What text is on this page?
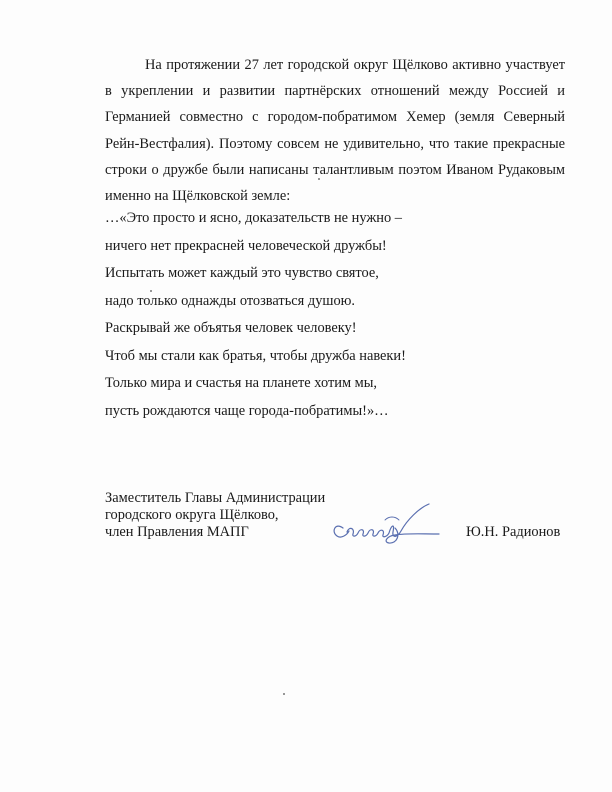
На протяжении 27 лет городской округ Щёлково активно участвует в укреплении и развитии партнёрских отношений между Россией и Германией совместно с городом-побратимом Хемер (земля Северный Рейн-Вестфалия). Поэтому совсем не удивительно, что такие прекрасные строки о дружбе были написаны талантливым поэтом Иваном Рудаковым именно на Щёлковской земле:

…«Это просто и ясно, доказательств не нужно –
ничего нет прекрасней человеческой дружбы!
Испытать может каждый это чувство святое,
надо только однажды отозваться душою.
Раскрывай же объятья человек человеку!
Чтоб мы стали как братья, чтобы дружба навеки!
Только мира и счастья на планете хотим мы,
пусть рождаются чаще города-побратимы!»…
Заместитель Главы Администрации
городского округа Щёлково,
член Правления МАПГ	Ю.Н. Радионов
